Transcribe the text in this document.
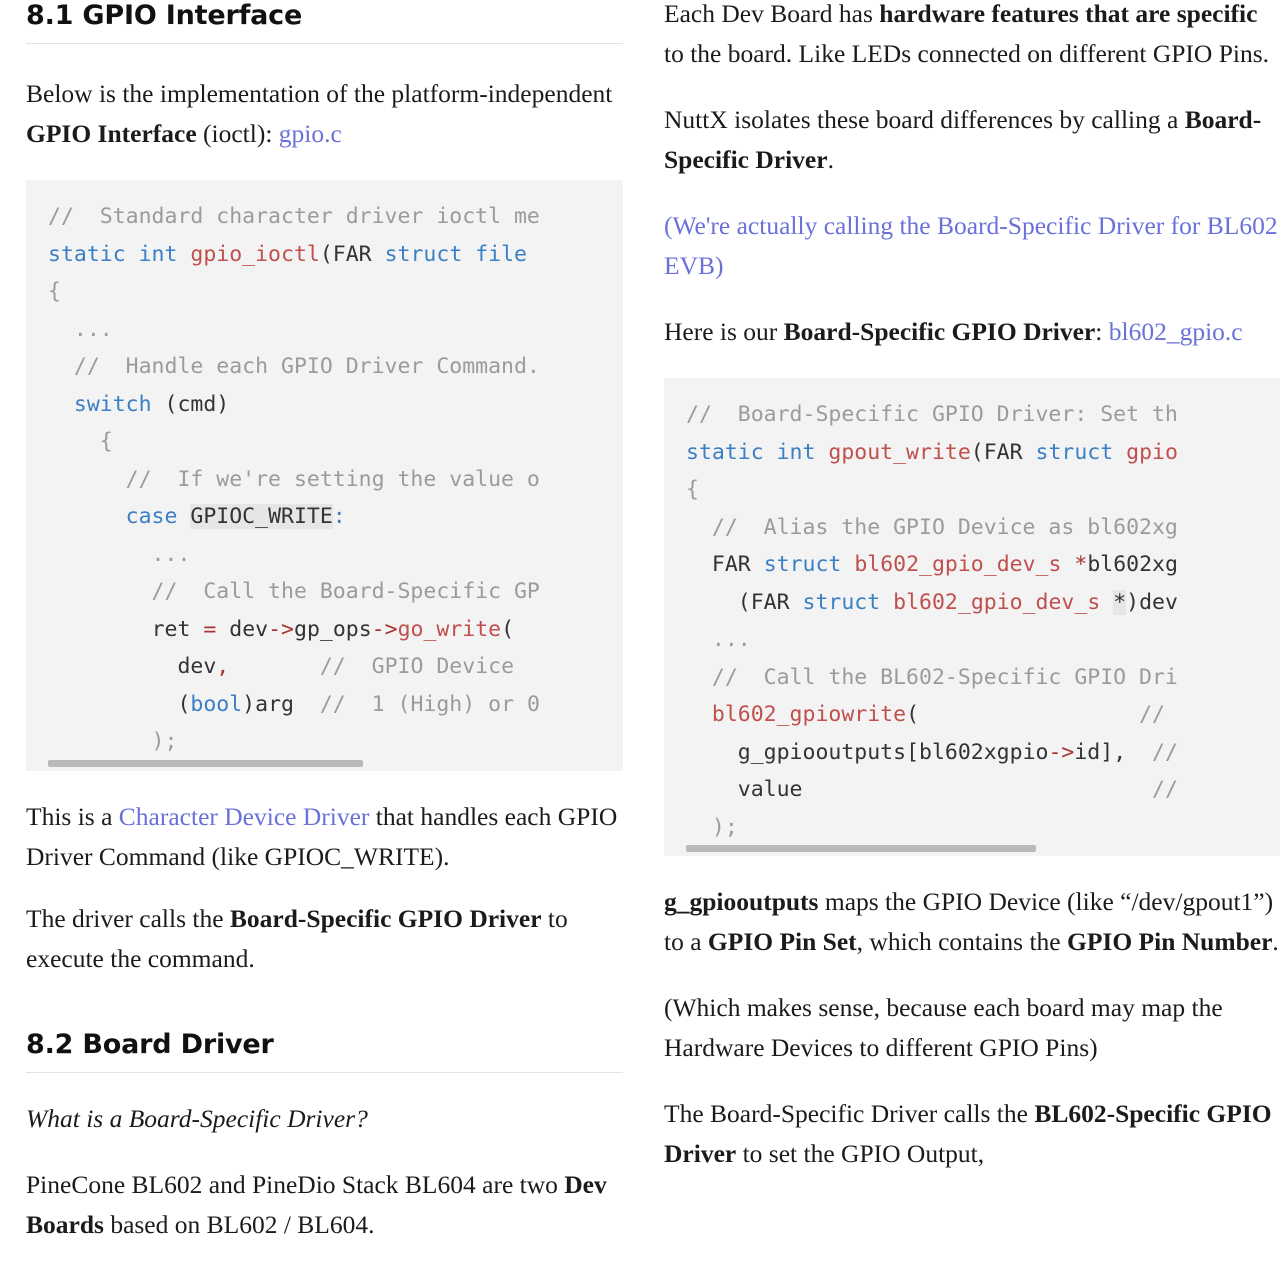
8.1 GPIO Interface

Below is the implementation of the platform-independent GPIO Interface (ioctl): gpio.c

//  Standard character driver ioctl me
static int gpio_ioctl(FAR struct file
{
...
//  Handle each GPIO Driver Command.
switch (cmd)
{
//  If we're setting the value o
case GPIOC_WRITE:
...
//  Call the Board-Specific GP
ret = dev->gp_ops->go_write(
dev,	//  GPIO Device
(bool)arg //  1 (High) or 0
);

This is a Character Device Driver that handles each GPIO Driver Command (like GPIOC_WRITE).

The driver calls the Board-Specific GPIO Driver to execute the command.

8.2 Board Driver

What is a Board-Specific Driver?

PineCone BL602 and PineDio Stack BL604 are two Dev Boards based on BL602 / BL604.

Each Dev Board has hardware features that are specific to the board. Like LEDs connected on different GPIO Pins.

NuttX isolates these board differences by calling a Board-Specific Driver.

(We're actually calling the Board-Specific Driver for BL602 EVB)

Here is our Board-Specific GPIO Driver: bl602_gpio.c

//  Board-Specific GPIO Driver: Set th
static int gpout_write(FAR struct gpio
{
//  Alias the GPIO Device as bl602xg
FAR struct bl602_gpio_dev_s *bl602xg
(FAR struct bl602_gpio_dev_s *)dev
...
//  Call the BL602-Specific GPIO Dri
bl602_gpiowrite(                 //
g_gpiooutputs[bl602xgpio->id],  //
value	//
);

g_gpiooutputs maps the GPIO Device (like “/dev/gpout1”) to a GPIO Pin Set, which contains the GPIO Pin Number.

(Which makes sense, because each board may map the Hardware Devices to different GPIO Pins)

The Board-Specific Driver calls the BL602-Specific GPIO Driver to set the GPIO Output,
